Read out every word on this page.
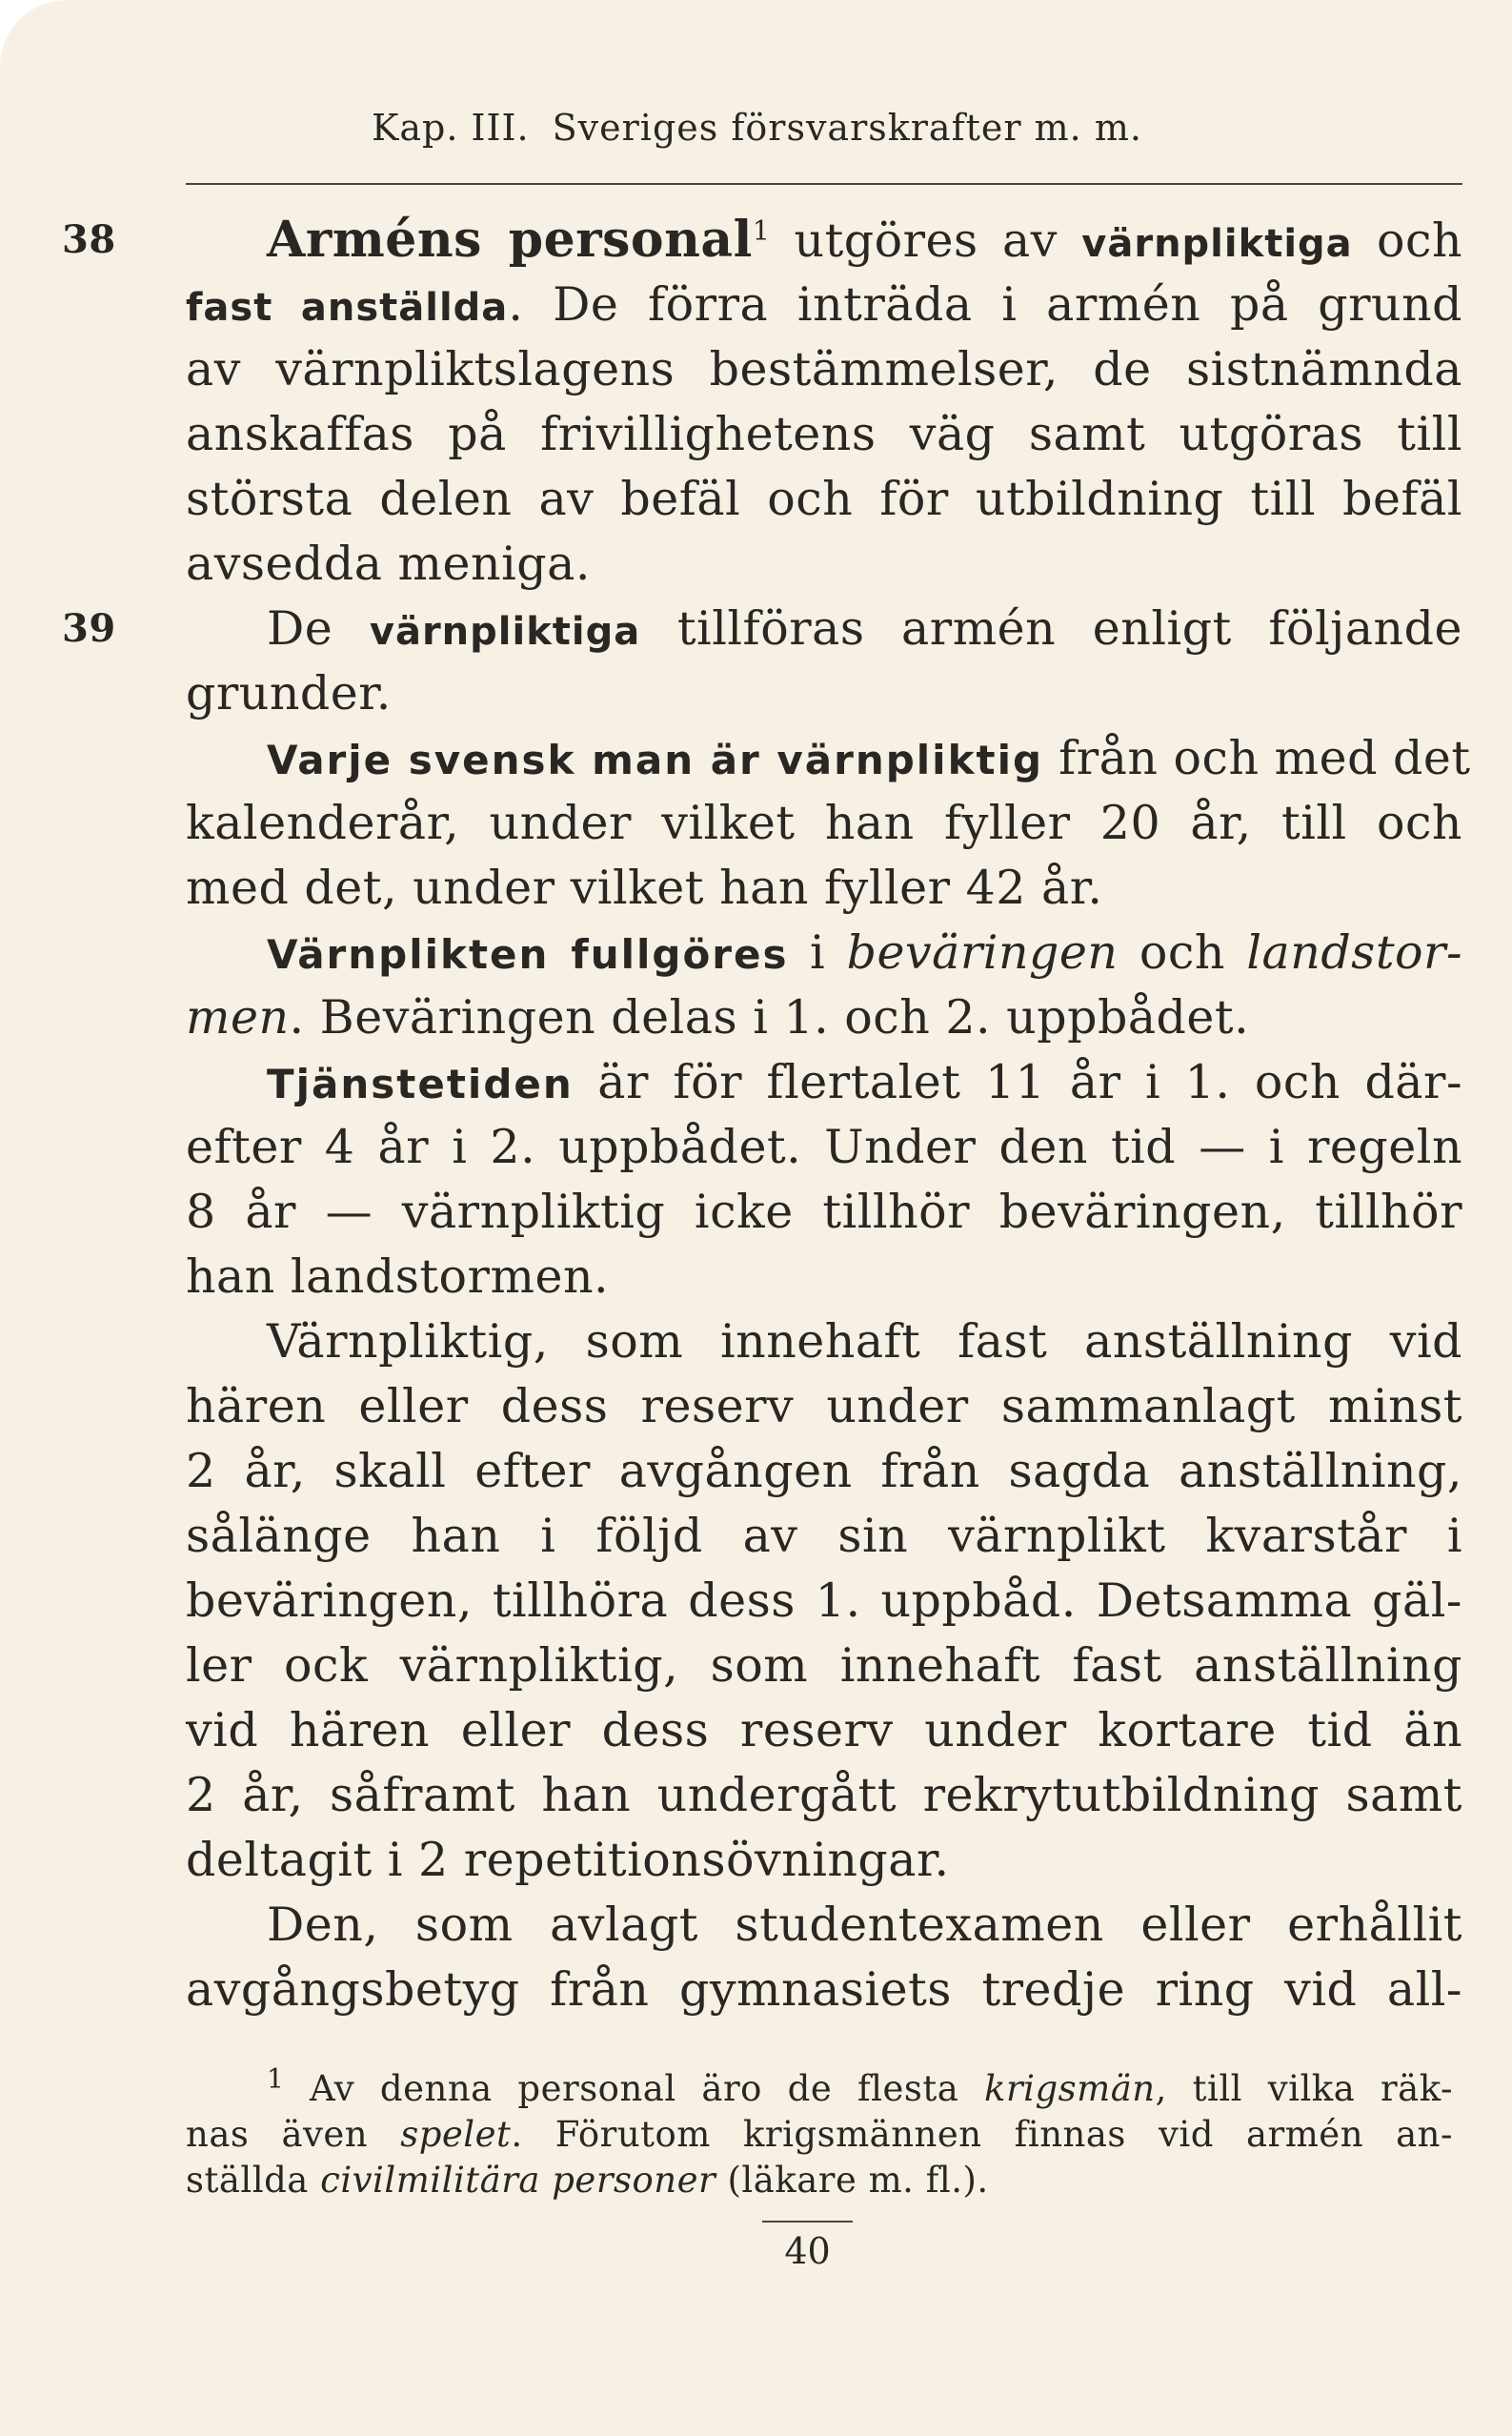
Kap. III. Sveriges försvarskrafter m. m.
38	Arméns personal$^1$ utgöres av värnpliktiga och
fast anställda. De förra inträda i armén på grund
av värnpliktslagens bestämmelser, de sistnämnda
anskaffas på frivillighetens väg samt utgöras till
största delen av befäl och för utbildning till befäl
avsedda meniga.
39	De värnpliktiga tillföras armén enligt följande
grunder.
Varje svensk man är värnpliktig från och med det
kalenderår, under vilket han fyller 20 år, till och
med det, under vilket han fyller 42 år.
Värnplikten fullgöres i beväringen och landstor-
men. Beväringen delas i 1. och 2. uppbådet.
Tjänstetiden är för flertalet 11 år i 1. och där-
efter 4 år i 2. uppbådet. Under den tid — i regeln
8 år — värnpliktig icke tillhör beväringen, tillhör
han landstormen.
Värnpliktig, som innehaft fast anställning vid
hären eller dess reserv under sammanlagt minst
2 år, skall efter avgången från sagda anställning,
sålänge han i följd av sin värnplikt kvarstår i
beväringen, tillhöra dess 1. uppbåd. Detsamma gäl-
ler ock värnpliktig, som innehaft fast anställning
vid hären eller dess reserv under kortare tid än
2 år, såframt han undergått rekrytutbildning samt
deltagit i 2 repetitionsövningar.
Den, som avlagt studentexamen eller erhållit
avgångsbetyg från gymnasiets tredje ring vid all-
$^1$ Av denna personal äro de flesta krigsmän, till vilka räk-
nas även spelet. Förutom krigsmännen finnas vid armén an-
ställda civilmilitära personer (läkare m. fl.).
40
